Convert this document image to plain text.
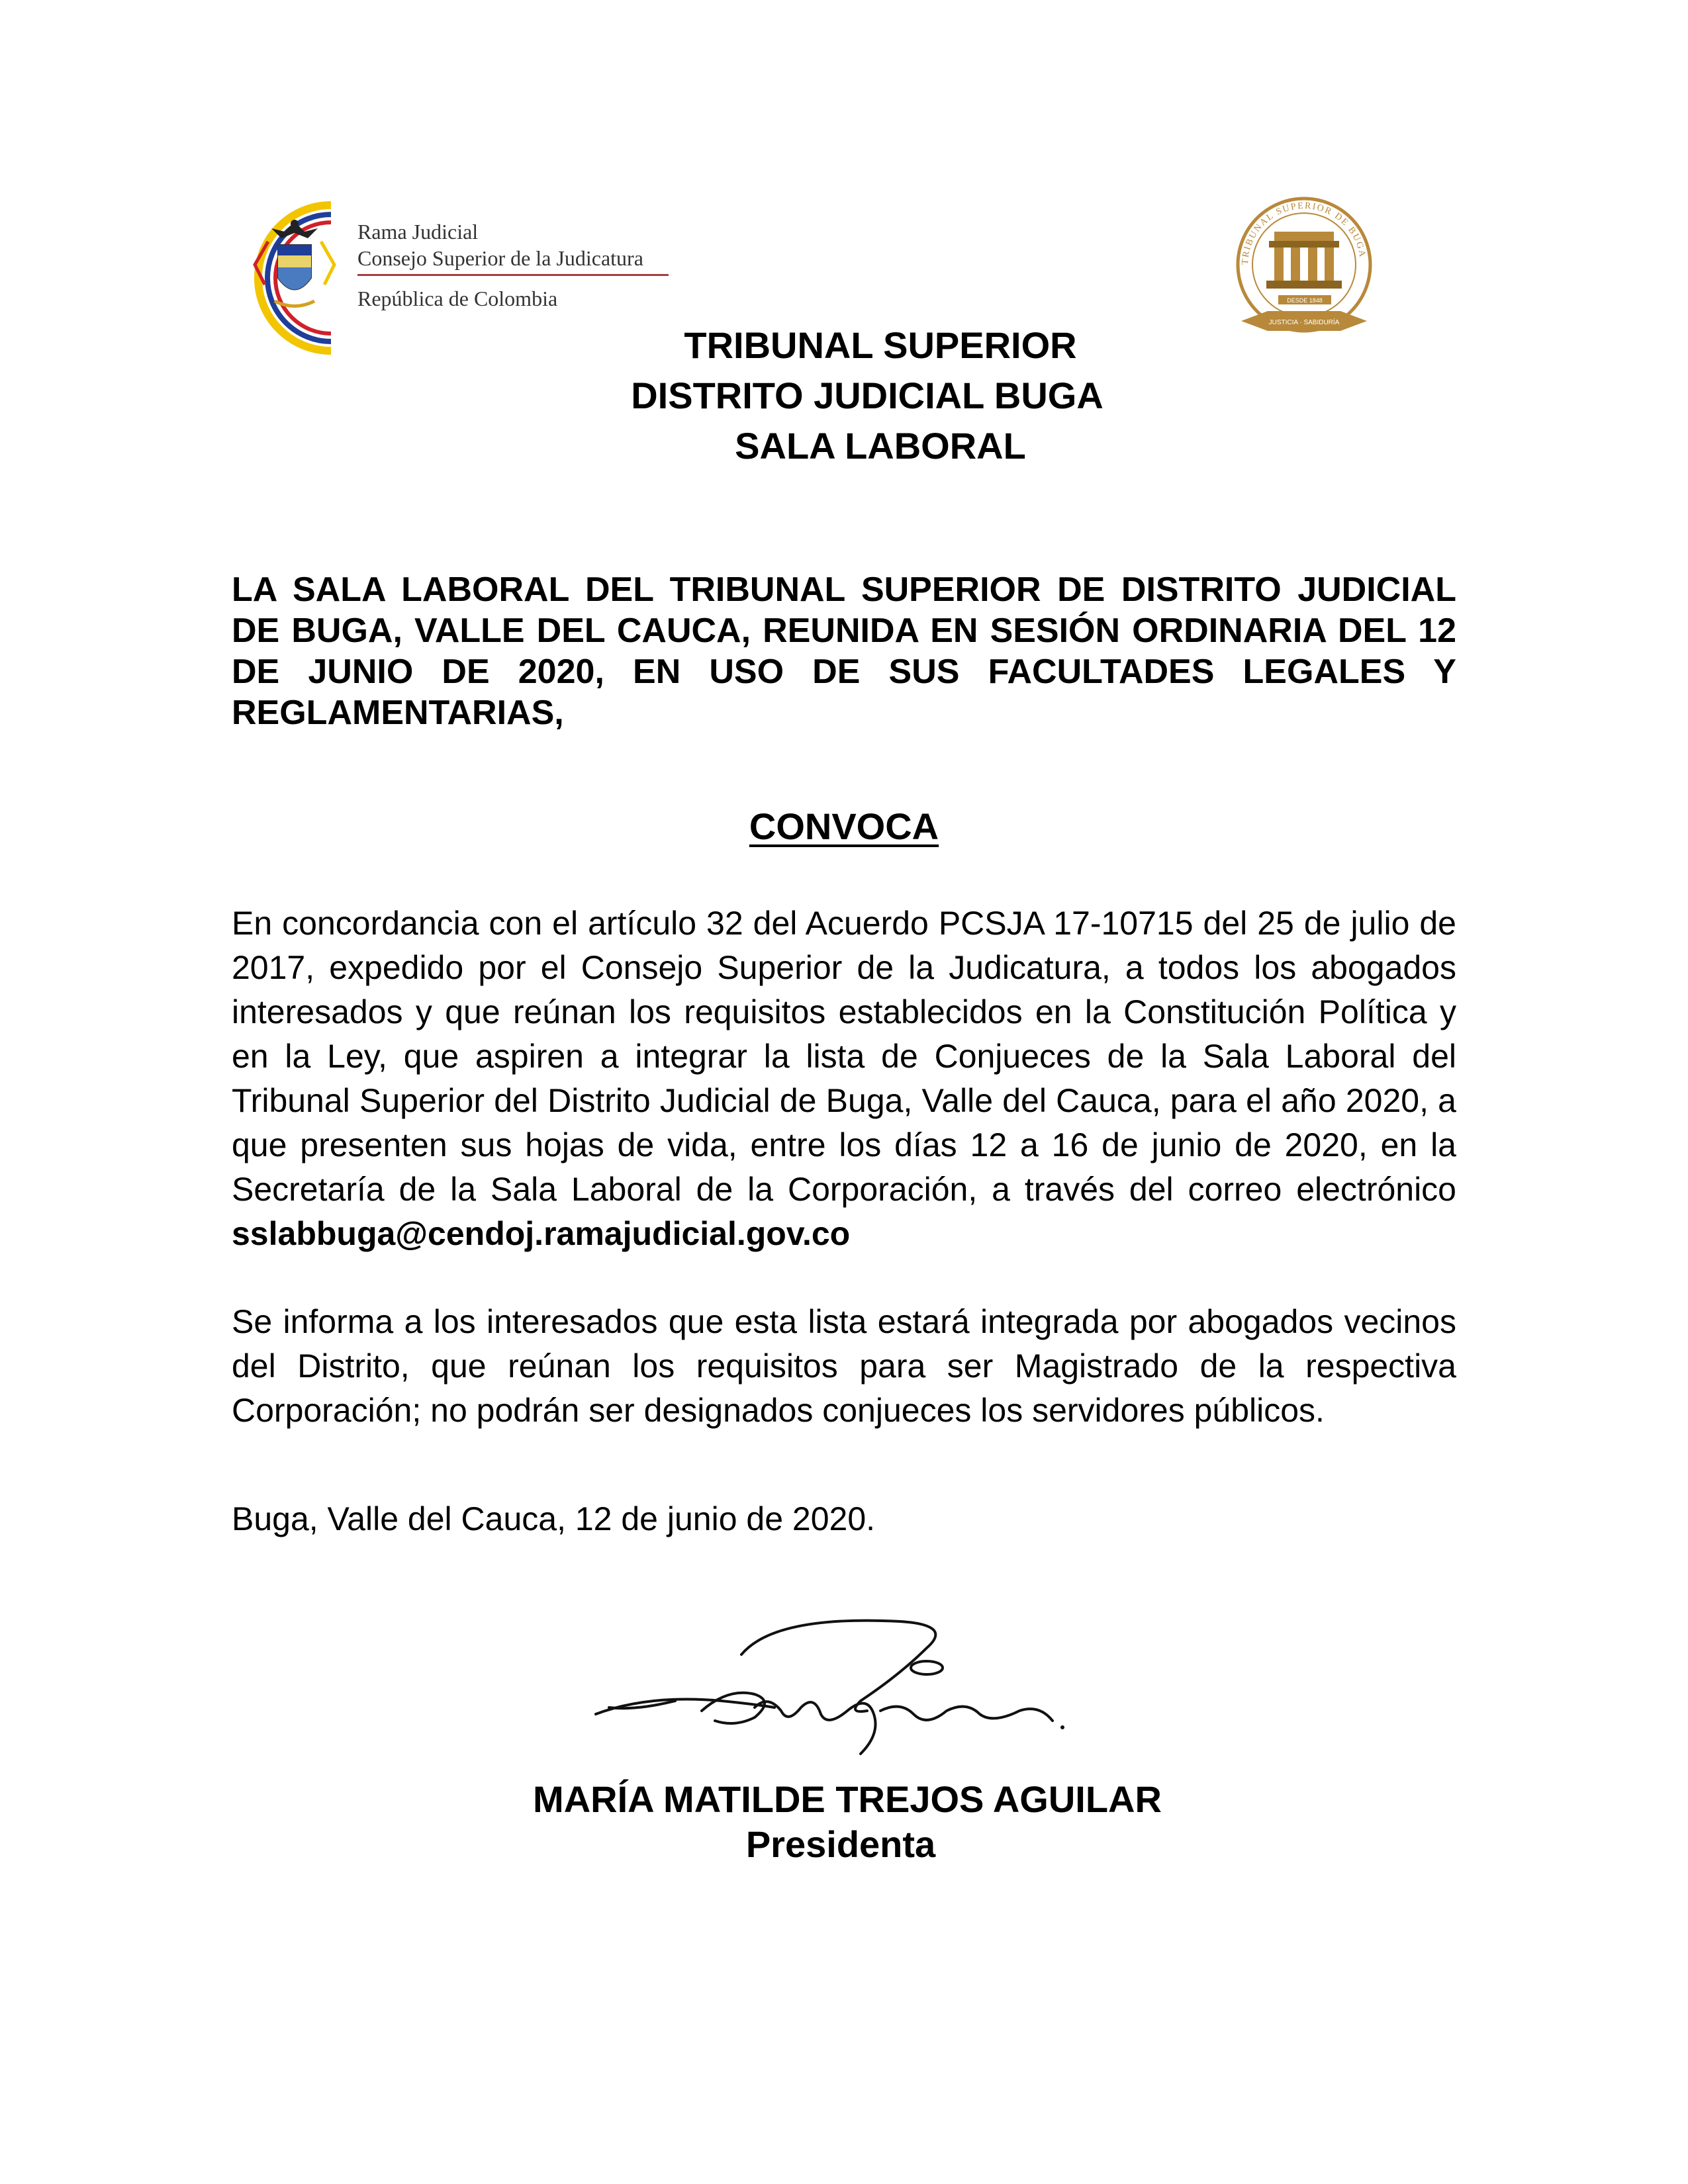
Rama Judicial
Consejo Superior de la Judicatura
República de Colombia
TRIBUNAL SUPERIOR DE BUGA
DESDE 1848
JUSTICIA · SABIDURÍA
TRIBUNAL SUPERIOR
DISTRITO JUDICIAL BUGA
SALA LABORAL
LA SALA LABORAL DEL TRIBUNAL SUPERIOR DE DISTRITO JUDICIAL DE BUGA, VALLE DEL CAUCA, REUNIDA EN SESIÓN ORDINARIA DEL 12 DE JUNIO DE 2020, EN USO DE SUS FACULTADES LEGALES Y REGLAMENTARIAS,
CONVOCA
En concordancia con el artículo 32 del Acuerdo PCSJA 17-10715 del 25 de julio de 2017, expedido por el Consejo Superior de la Judicatura, a todos los abogados interesados y que reúnan los requisitos establecidos en la Constitución Política y en la Ley, que aspiren a integrar la lista de Conjueces de la Sala Laboral del Tribunal Superior del Distrito Judicial de Buga, Valle del Cauca, para el año 2020, a que presenten sus hojas de vida, entre los días 12 a 16 de junio de 2020, en la Secretaría de la Sala Laboral de la Corporación, a través del correo electrónico sslabbuga@cendoj.ramajudicial.gov.co
Se informa a los interesados que esta lista estará integrada por abogados vecinos del Distrito, que reúnan los requisitos para ser Magistrado de la respectiva Corporación; no podrán ser designados conjueces los servidores públicos.
Buga, Valle del Cauca, 12 de junio de 2020.
MARÍA MATILDE TREJOS AGUILAR
Presidenta
